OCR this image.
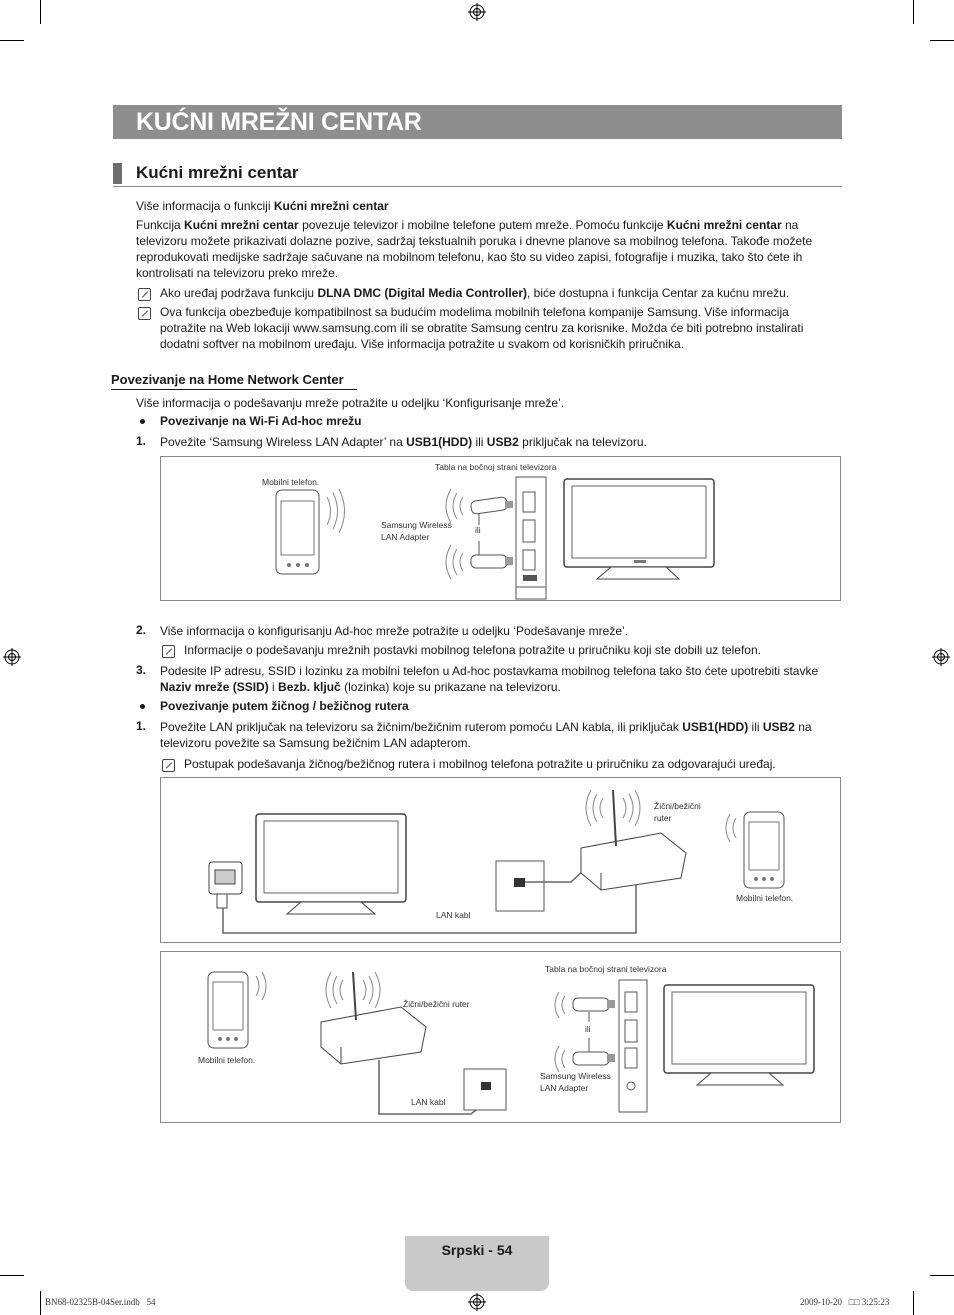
KUĆNI MREŽNI CENTAR
Kućni mrežni centar
Više informacija o funkciji Kućni mrežni centar
Funkcija Kućni mrežni centar povezuje televizor i mobilne telefone putem mreže. Pomoću funkcije Kućni mrežni centar na
televizoru možete prikazivati dolazne pozive, sadržaj tekstualnih poruka i dnevne planove sa mobilnog telefona. Takođe možete
reprodukovati medijske sadržaje sačuvane na mobilnom telefonu, kao što su video zapisi, fotografije i muzika, tako što ćete ih
kontrolisati na televizoru preko mreže.
Ako uređaj podržava funkciju DLNA DMC (Digital Media Controller), biće dostupna i funkcija Centar za kućnu mrežu.
Ova funkcija obezbeđuje kompatibilnost sa budućim modelima mobilnih telefona kompanije Samsung. Više informacija
potražite na Web lokaciji www.samsung.com ili se obratite Samsung centru za korisnike. Možda će biti potrebno instalirati
dodatni softver na mobilnom uređaju. Više informacija potražite u svakom od korisničkih priručnika.
Povezivanje na Home Network Center
Više informacija o podešavanju mreže potražite u odeljku ‘Konfigurisanje mreže’.
Povezivanje na Wi-Fi Ad-hoc mrežu
1. Povežite ‘Samsung Wireless LAN Adapter’ na USB1(HDD) ili USB2 priključak na televizoru.
Mobilni telefon.
Tabla na bočnoj strani televizora
Samsung Wireless
LAN Adapter
ili
2. Više informacija o konfigurisanju Ad-hoc mreže potražite u odeljku ‘Podešavanje mreže’.
Informacije o podešavanju mrežnih postavki mobilnog telefona potražite u priručniku koji ste dobili uz telefon.
3. Podesite IP adresu, SSID i lozinku za mobilni telefon u Ad-hoc postavkama mobilnog telefona tako što ćete upotrebiti stavke
Naziv mreže (SSID) i Bezb. ključ (lozinka) koje su prikazane na televizoru.
Povezivanje putem žičnog / bežičnog rutera
1. Povežite LAN priključak na televizoru sa žičnim/bežičnim ruterom pomoću LAN kabla, ili priključak USB1(HDD) ili USB2 na
televizoru povežite sa Samsung bežičnim LAN adapterom.
Postupak podešavanja žičnog/bežičnog rutera i mobilnog telefona potražite u priručniku za odgovarajući uređaj.
Žični/bežični
ruter
Mobilni telefon.
LAN kabl
Mobilni telefon.
Žični/bežični ruter
Tabla na bočnoj strani televizora
Samsung Wireless
LAN Adapter
LAN kabl
ili
Srpski - 54
BN68-02325B-04Ser.indb   54	2009-10-20   □□ 3:25:23
